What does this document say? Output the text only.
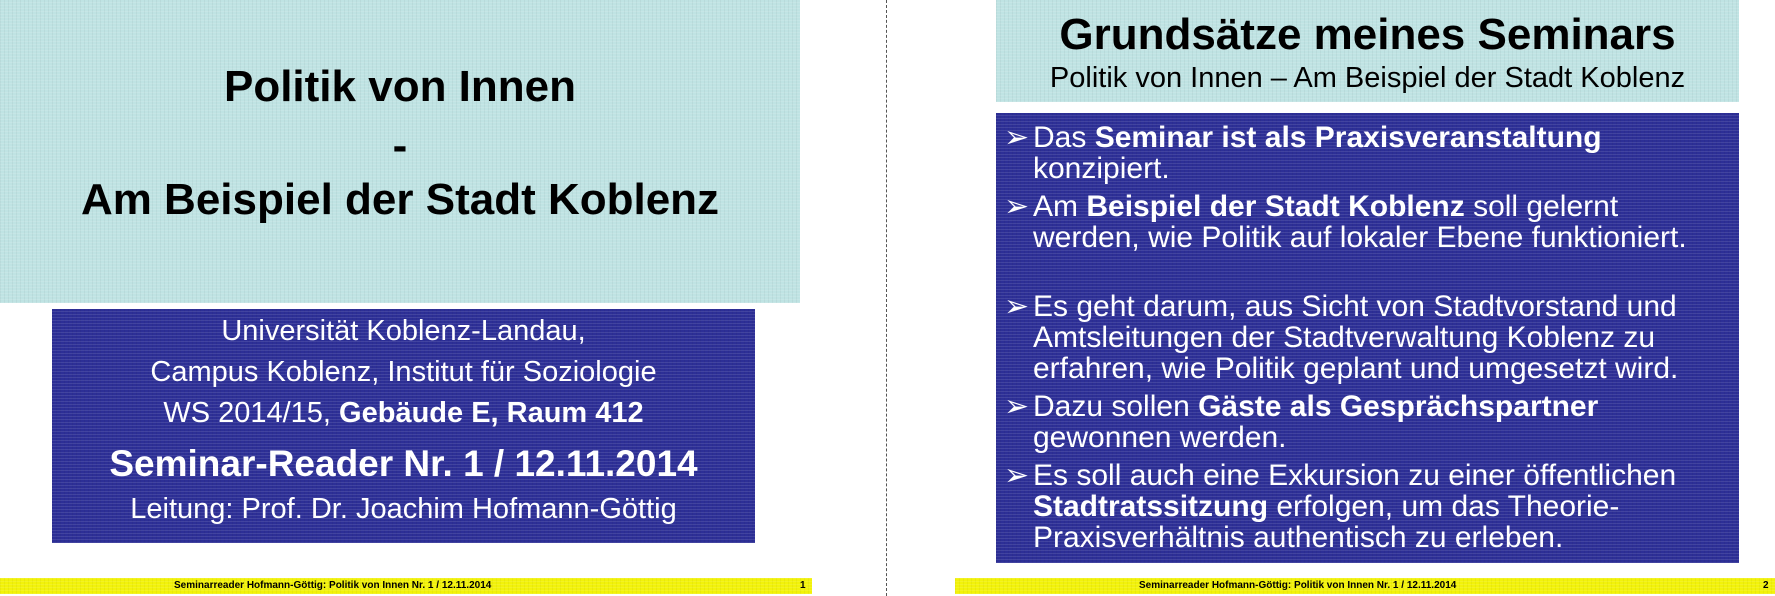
Politik von Innen
-
Am Beispiel der Stadt Koblenz
Universität Koblenz-Landau,
Campus Koblenz, Institut für Soziologie
WS 2014/15, Gebäude E, Raum 412
Seminar-Reader Nr. 1 / 12.11.2014
Leitung: Prof. Dr. Joachim Hofmann-Göttig
Seminarreader Hofmann-Göttig: Politik von Innen Nr. 1 / 12.11.2014	1
Grundsätze meines Seminars
Politik von Innen – Am Beispiel der Stadt Koblenz
➢ Das Seminar ist als Praxisveranstaltung konzipiert.
➢ Am Beispiel der Stadt Koblenz soll gelernt werden, wie Politik auf lokaler Ebene funktioniert.
➢ Es geht darum, aus Sicht von Stadtvorstand und Amtsleitungen der Stadtverwaltung Koblenz zu erfahren, wie Politik geplant und umgesetzt wird.
➢ Dazu sollen Gäste als Gesprächspartner gewonnen werden.
➢ Es soll auch eine Exkursion zu einer öffentlichen Stadtratssitzung erfolgen, um das Theorie-Praxisverhältnis authentisch zu erleben.
Seminarreader Hofmann-Göttig: Politik von Innen Nr. 1 / 12.11.2014	2
